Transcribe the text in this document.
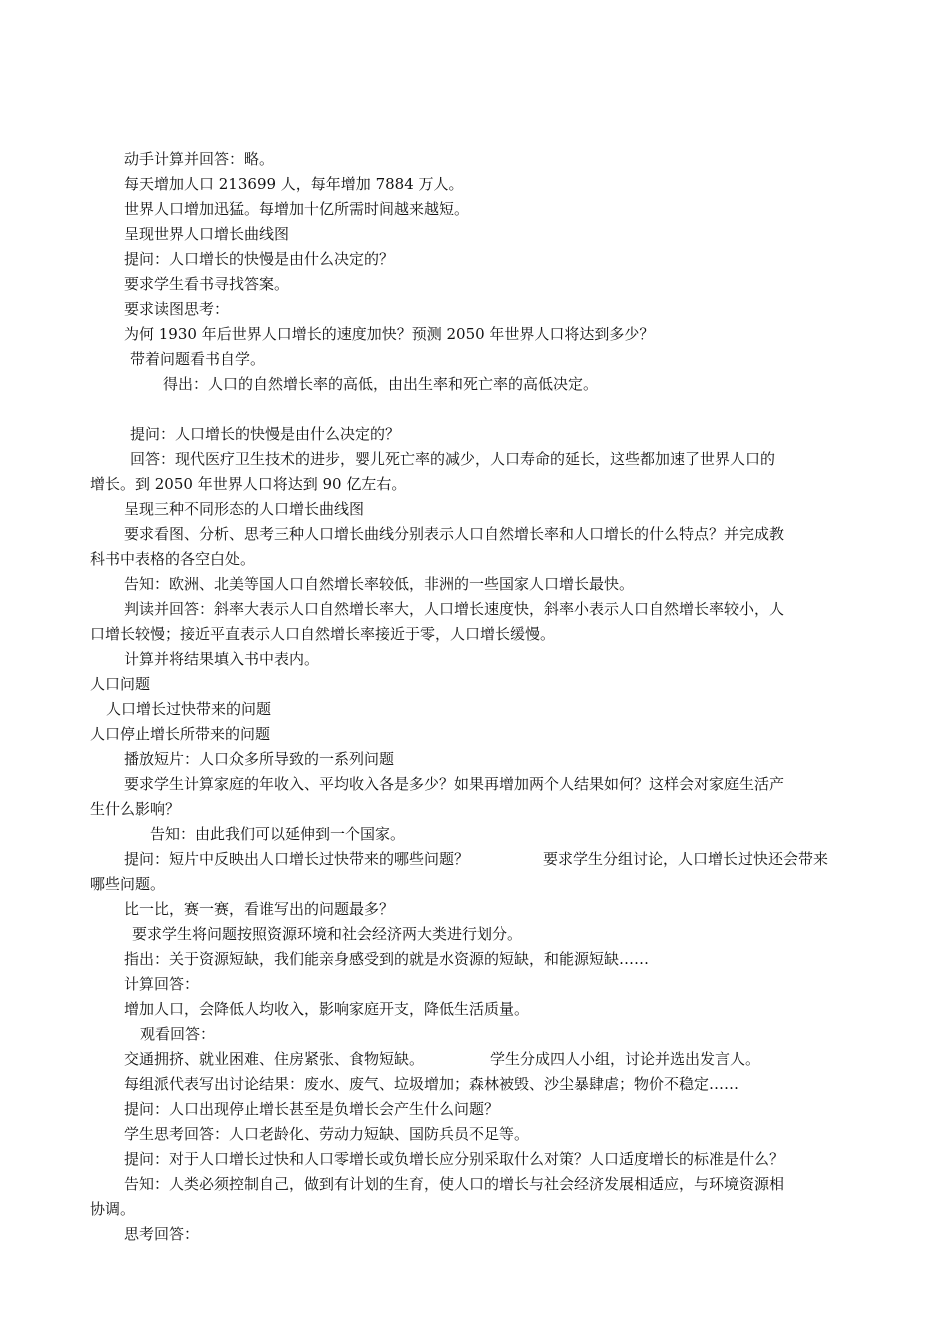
动手计算并回答：略。
每天增加人口 213699 人，每年增加 7884 万人。
世界人口增加迅猛。每增加十亿所需时间越来越短。
呈现世界人口增长曲线图
提问：人口增长的快慢是由什么决定的？
要求学生看书寻找答案。
要求读图思考：
为何 1930 年后世界人口增长的速度加快？预测 2050 年世界人口将达到多少？
带着问题看书自学。
得出：人口的自然增长率的高低，由出生率和死亡率的高低决定。
提问：人口增长的快慢是由什么决定的？
回答：现代医疗卫生技术的进步，婴儿死亡率的减少，人口寿命的延长，这些都加速了世界人口的
增长。到 2050 年世界人口将达到 90 亿左右。
呈现三种不同形态的人口增长曲线图
要求看图、分析、思考三种人口增长曲线分别表示人口自然增长率和人口增长的什么特点？并完成教
科书中表格的各空白处。
告知：欧洲、北美等国人口自然增长率较低，非洲的一些国家人口增长最快。
判读并回答：斜率大表示人口自然增长率大，人口增长速度快，斜率小表示人口自然增长率较小，人
口增长较慢；接近平直表示人口自然增长率接近于零，人口增长缓慢。
计算并将结果填入书中表内。
人口问题
人口增长过快带来的问题
人口停止增长所带来的问题
播放短片：人口众多所导致的一系列问题
要求学生计算家庭的年收入、平均收入各是多少？如果再增加两个人结果如何？这样会对家庭生活产
生什么影响？
告知：由此我们可以延伸到一个国家。
提问：短片中反映出人口增长过快带来的哪些问题？	要求学生分组讨论，人口增长过快还会带来
哪些问题。
比一比，赛一赛，看谁写出的问题最多？
要求学生将问题按照资源环境和社会经济两大类进行划分。
指出：关于资源短缺，我们能亲身感受到的就是水资源的短缺，和能源短缺……
计算回答：
增加人口，会降低人均收入，影响家庭开支，降低生活质量。
观看回答：
交通拥挤、就业困难、住房紧张、食物短缺。	学生分成四人小组，讨论并选出发言人。
每组派代表写出讨论结果：废水、废气、垃圾增加；森林被毁、沙尘暴肆虐；物价不稳定……
提问：人口出现停止增长甚至是负增长会产生什么问题？
学生思考回答：人口老龄化、劳动力短缺、国防兵员不足等。
提问：对于人口增长过快和人口零增长或负增长应分别采取什么对策？人口适度增长的标准是什么？
告知：人类必须控制自己，做到有计划的生育，使人口的增长与社会经济发展相适应，与环境资源相
协调。
思考回答：
